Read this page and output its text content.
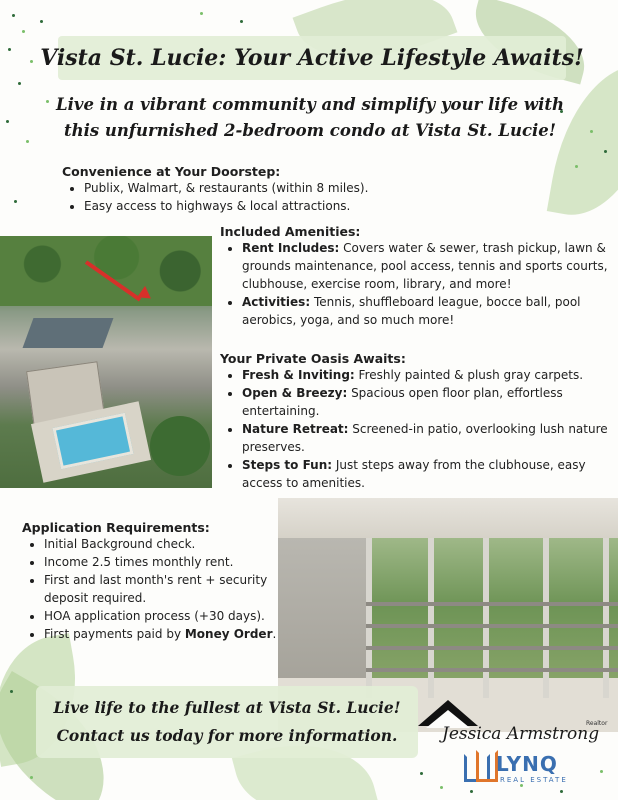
Vista St. Lucie: Your Active Lifestyle Awaits!
Live in a vibrant community and simplify your life with
this unfurnished 2-bedroom condo at Vista St. Lucie!

Convenience at Your Doorstep:

• Publix, Walmart, & restaurants (within 8 miles).
• Easy access to highways & local attractions.

Included Amenities:

• Rent Includes: Covers water & sewer, trash pickup, lawn & grounds maintenance, pool access, tennis and sports courts, clubhouse, exercise room, library, and more!
• Activities: Tennis, shuffleboard league, bocce ball, pool aerobics, yoga, and so much more!

Your Private Oasis Awaits:

• Fresh & Inviting: Freshly painted & plush gray carpets.
• Open & Breezy: Spacious open floor plan, effortless entertaining.
• Nature Retreat: Screened-in patio, overlooking lush nature preserves.
• Steps to Fun: Just steps away from the clubhouse, easy access to amenities.

Application Requirements:

• Initial Background check.
• Income 2.5 times monthly rent.
• First and last month's rent + security deposit required.
• HOA application process (+30 days).
• First payments paid by Money Order.
Live life to the fullest at Vista St. Lucie!
Contact us today for more information.	Jessica Armstrong
Realtor
LYNQ
REAL ESTATE
